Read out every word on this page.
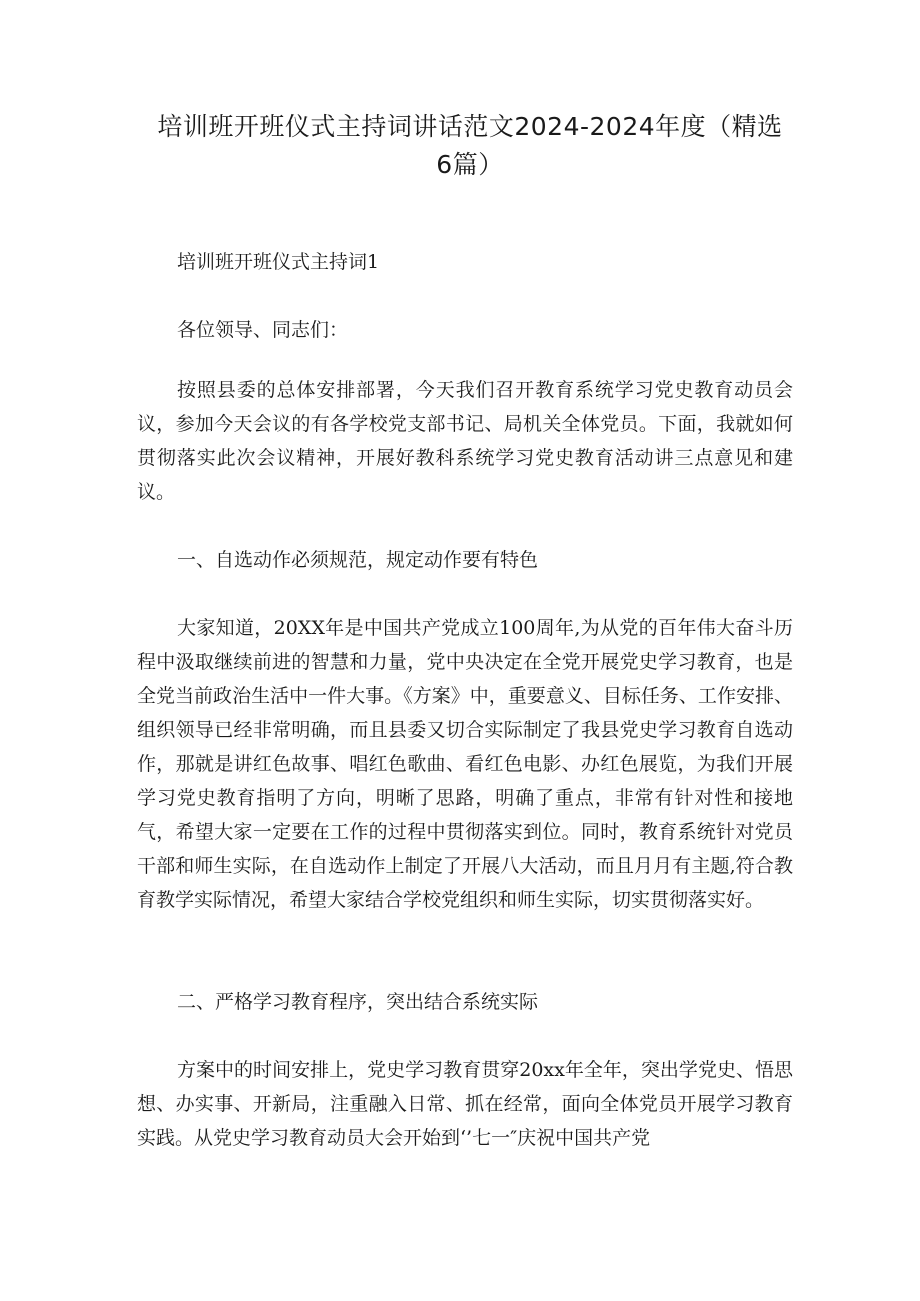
培训班开班仪式主持词讲话范文2024-2024年度（精选6篇）

培训班开班仪式主持词1

各位领导、同志们：

按照县委的总体安排部署，今天我们召开教育系统学习党史教育动员会议，参加今天会议的有各学校党支部书记、局机关全体党员。下面，我就如何贯彻落实此次会议精神，开展好教科系统学习党史教育活动讲三点意见和建议。

一、自选动作必须规范，规定动作要有特色

大家知道，20XX年是中国共产党成立100周年,为从党的百年伟大奋斗历程中汲取继续前进的智慧和力量，党中央决定在全党开展党史学习教育，也是全党当前政治生活中一件大事。《方案》中，重要意义、目标任务、工作安排、组织领导已经非常明确，而且县委又切合实际制定了我县党史学习教育自选动作，那就是讲红色故事、唱红色歌曲、看红色电影、办红色展览，为我们开展学习党史教育指明了方向，明晰了思路，明确了重点，非常有针对性和接地气，希望大家一定要在工作的过程中贯彻落实到位。同时，教育系统针对党员干部和师生实际，在自选动作上制定了开展八大活动，而且月月有主题,符合教育教学实际情况，希望大家结合学校党组织和师生实际，切实贯彻落实好。

二、严格学习教育程序，突出结合系统实际

方案中的时间安排上，党史学习教育贯穿20xx年全年，突出学党史、悟思想、办实事、开新局，注重融入日常、抓在经常，面向全体党员开展学习教育实践。从党史学习教育动员大会开始到‘’七一″庆祝中国共产党
